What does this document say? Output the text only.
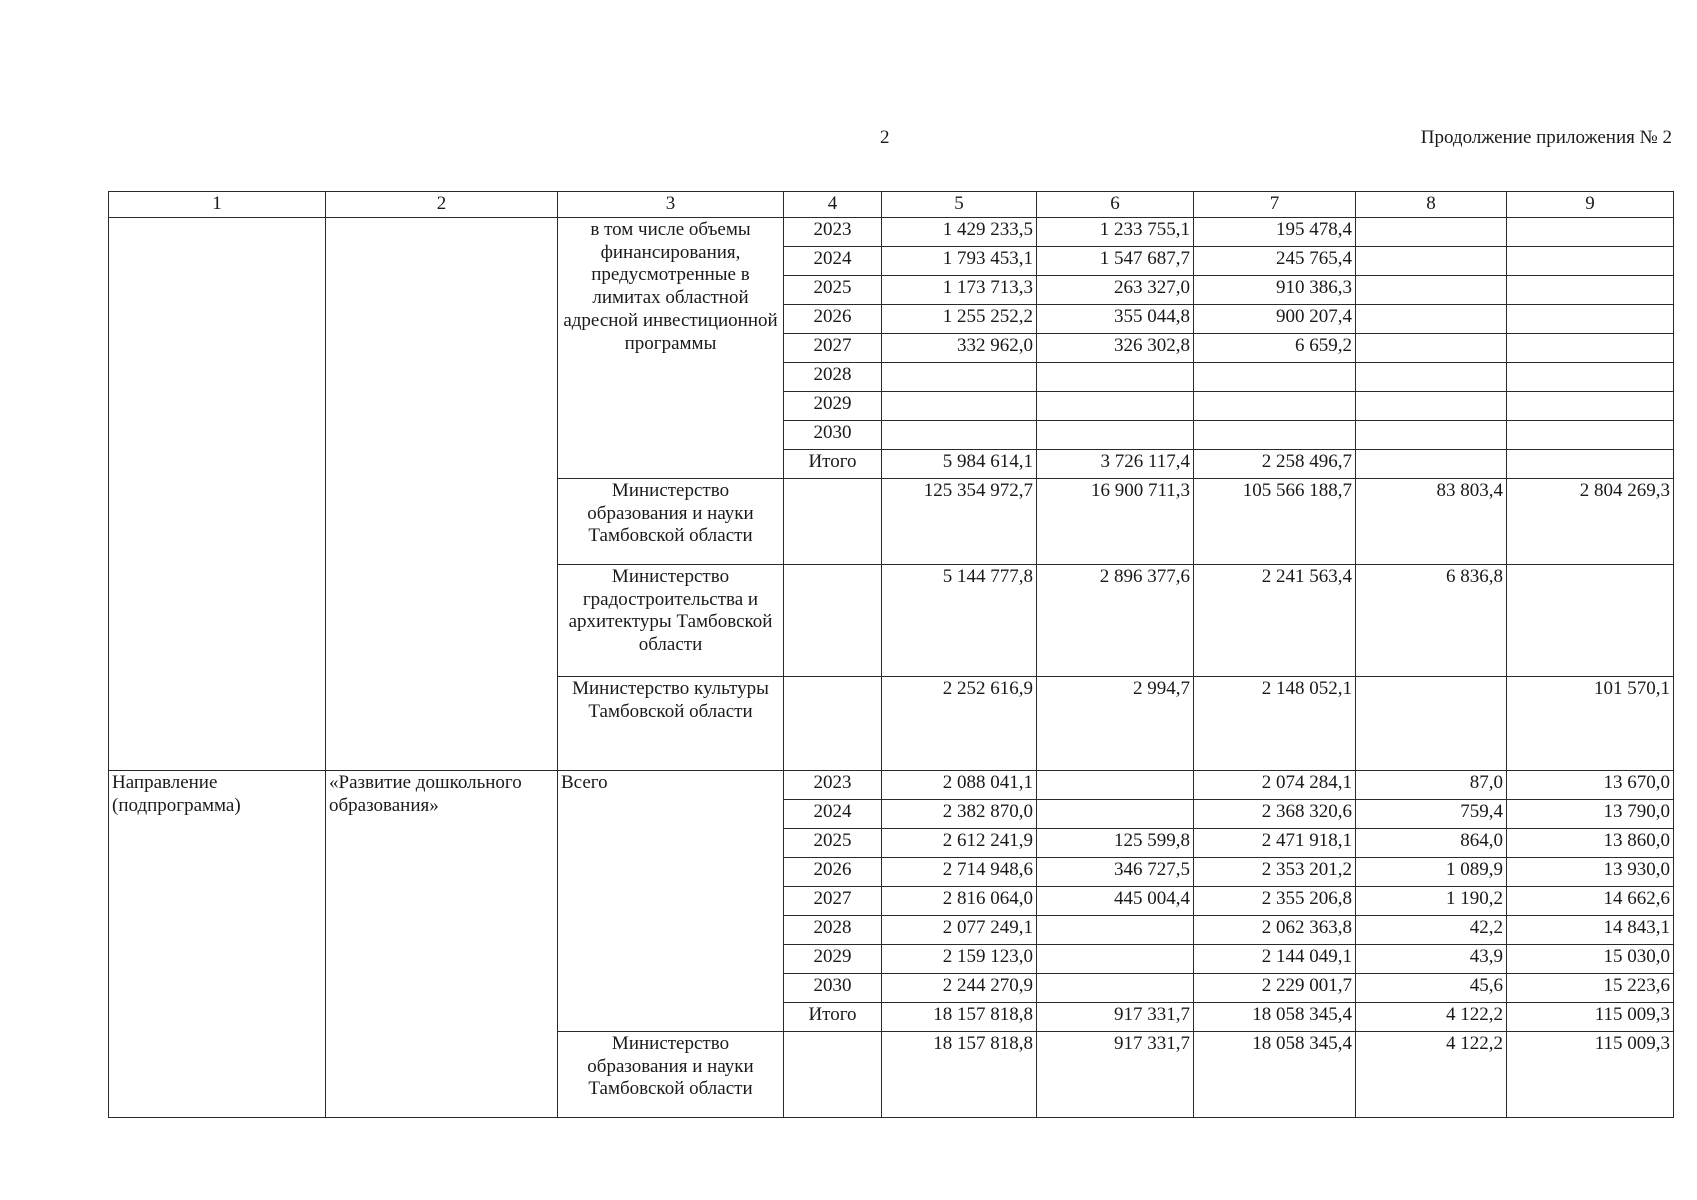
2	Продолжение приложения № 2
1	2	3	4	5	6	7	8	9
		в том числе объемы финансирования, предусмотренные в лимитах областной адресной инвестиционной программы	2023	1 429 233,5	1 233 755,1	195 478,4		
			2024	1 793 453,1	1 547 687,7	245 765,4		
			2025	1 173 713,3	263 327,0	910 386,3		
			2026	1 255 252,2	355 044,8	900 207,4		
			2027	332 962,0	326 302,8	6 659,2		
			2028					
			2029					
			2030					
			Итого	5 984 614,1	3 726 117,4	2 258 496,7		
		Министерство образования и науки Тамбовской области		125 354 972,7	16 900 711,3	105 566 188,7	83 803,4	2 804 269,3
		Министерство градостроительства и архитектуры Тамбовской области		5 144 777,8	2 896 377,6	2 241 563,4	6 836,8	
		Министерство культуры Тамбовской области		2 252 616,9	2 994,7	2 148 052,1		101 570,1
Направление (подпрограмма)	«Развитие дошкольного образования»	Всего	2023	2 088 041,1		2 074 284,1	87,0	13 670,0
			2024	2 382 870,0		2 368 320,6	759,4	13 790,0
			2025	2 612 241,9	125 599,8	2 471 918,1	864,0	13 860,0
			2026	2 714 948,6	346 727,5	2 353 201,2	1 089,9	13 930,0
			2027	2 816 064,0	445 004,4	2 355 206,8	1 190,2	14 662,6
			2028	2 077 249,1		2 062 363,8	42,2	14 843,1
			2029	2 159 123,0		2 144 049,1	43,9	15 030,0
			2030	2 244 270,9		2 229 001,7	45,6	15 223,6
			Итого	18 157 818,8	917 331,7	18 058 345,4	4 122,2	115 009,3
		Министерство образования и науки Тамбовской области		18 157 818,8	917 331,7	18 058 345,4	4 122,2	115 009,3
